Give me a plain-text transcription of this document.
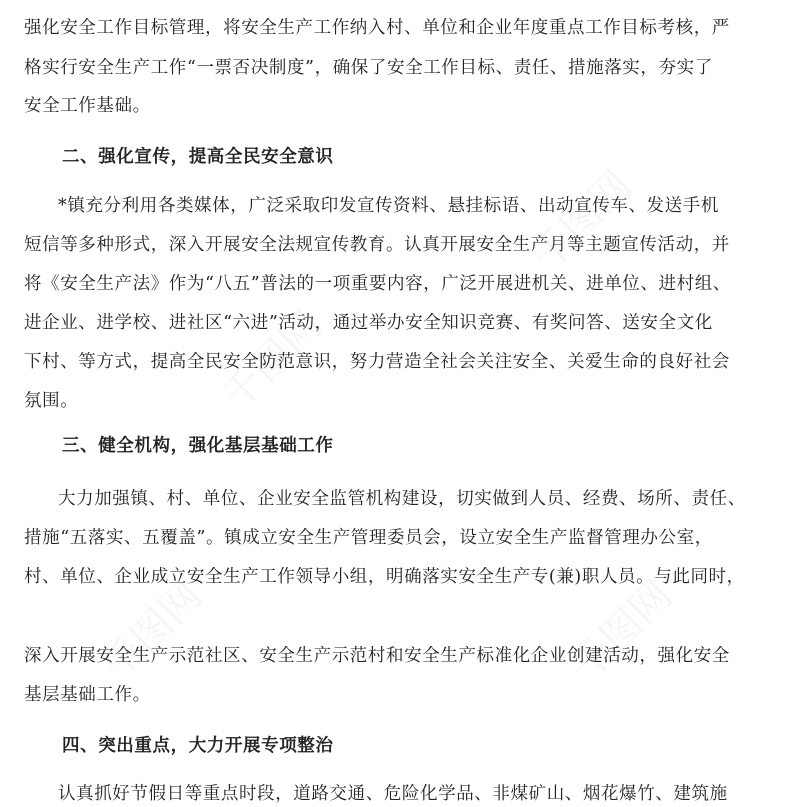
强化安全工作目标管理，将安全生产工作纳入村、单位和企业年度重点工作目标考核，严
格实行安全生产工作“一票否决制度”，确保了安全工作目标、责任、措施落实，夯实了
安全工作基础。
二、强化宣传，提高全民安全意识
*镇充分利用各类媒体，广泛采取印发宣传资料、悬挂标语、出动宣传车、发送手机
短信等多种形式，深入开展安全法规宣传教育。认真开展安全生产月等主题宣传活动，并
将《安全生产法》作为“八五”普法的一项重要内容，广泛开展进机关、进单位、进村组、
进企业、进学校、进社区“六进”活动，通过举办安全知识竞赛、有奖问答、送安全文化
下村、等方式，提高全民安全防范意识，努力营造全社会关注安全、关爱生命的良好社会
氛围。
三、健全机构，强化基层基础工作
大力加强镇、村、单位、企业安全监管机构建设，切实做到人员、经费、场所、责任、
措施“五落实、五覆盖”。镇成立安全生产管理委员会，设立安全生产监督管理办公室，
村、单位、企业成立安全生产工作领导小组，明确落实安全生产专(兼)职人员。与此同时，
深入开展安全生产示范社区、安全生产示范村和安全生产标准化企业创建活动，强化安全
基层基础工作。
四、突出重点，大力开展专项整治
认真抓好节假日等重点时段，道路交通、危险化学品、非煤矿山、烟花爆竹、建筑施
